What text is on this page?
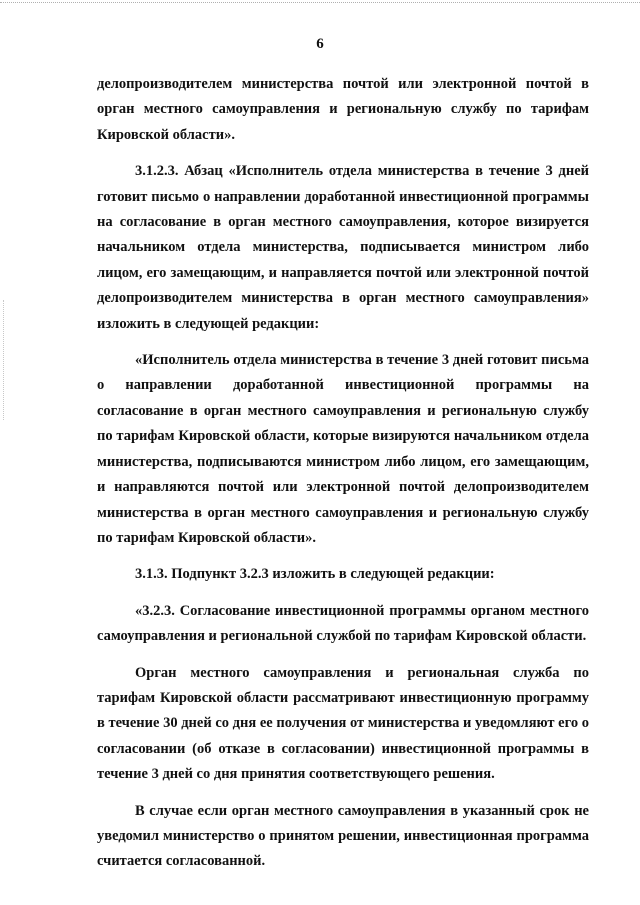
6

делопроизводителем министерства почтой или электронной почтой в орган местного самоуправления и региональную службу по тарифам Кировской области».

3.1.2.3. Абзац «Исполнитель отдела министерства в течение 3 дней готовит письмо о направлении доработанной инвестиционной программы на согласование в орган местного самоуправления, которое визируется начальником отдела министерства, подписывается министром либо лицом, его замещающим, и направляется почтой или электронной почтой делопроизводителем министерства в орган местного самоуправления» изложить в следующей редакции:

«Исполнитель отдела министерства в течение 3 дней готовит письма о направлении доработанной инвестиционной программы на согласование в орган местного самоуправления и региональную службу по тарифам Кировской области, которые визируются начальником отдела министерства, подписываются министром либо лицом, его замещающим, и направляются почтой или электронной почтой делопроизводителем министерства в орган местного самоуправления и региональную службу по тарифам Кировской области».

3.1.3. Подпункт 3.2.3 изложить в следующей редакции:

«3.2.3. Согласование инвестиционной программы органом местного самоуправления и региональной службой по тарифам Кировской области.

Орган местного самоуправления и региональная служба по тарифам Кировской области рассматривают инвестиционную программу в течение 30 дней со дня ее получения от министерства и уведомляют его о согласовании (об отказе в согласовании) инвестиционной программы в течение 3 дней со дня принятия соответствующего решения.

В случае если орган местного самоуправления в указанный срок не уведомил министерство о принятом решении, инвестиционная программа считается согласованной.
